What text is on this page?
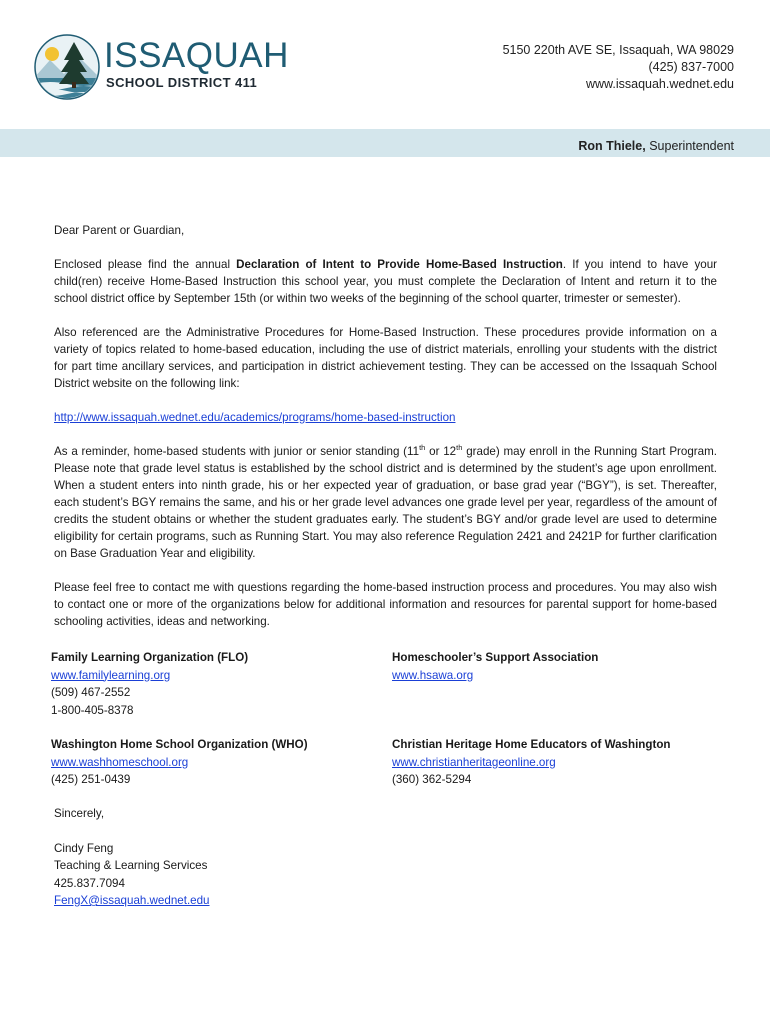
ISSAQUAH
SCHOOL DISTRICT 411
5150 220th AVE SE, Issaquah, WA 98029
(425) 837-7000
www.issaquah.wednet.edu
Ron Thiele, Superintendent

Dear Parent or Guardian,

Enclosed please find the annual Declaration of Intent to Provide Home-Based Instruction. If you intend to have your child(ren) receive Home-Based Instruction this school year, you must complete the Declaration of Intent and return it to the school district office by September 15th (or within two weeks of the beginning of the school quarter, trimester or semester).

Also referenced are the Administrative Procedures for Home-Based Instruction. These procedures provide information on a variety of topics related to home-based education, including the use of district materials, enrolling your students with the district for part time ancillary services, and participation in district achievement testing. They can be accessed on the Issaquah School District website on the following link:

http://www.issaquah.wednet.edu/academics/programs/home-based-instruction

As a reminder, home-based students with junior or senior standing (11th or 12th grade) may enroll in the Running Start Program. Please note that grade level status is established by the school district and is determined by the student’s age upon enrollment. When a student enters into ninth grade, his or her expected year of graduation, or base grad year (“BGY”), is set. Thereafter, each student’s BGY remains the same, and his or her grade level advances one grade level per year, regardless of the amount of credits the student obtains or whether the student graduates early. The student’s BGY and/or grade level are used to determine eligibility for certain programs, such as Running Start. You may also reference Regulation 2421 and 2421P for further clarification on Base Graduation Year and eligibility.

Please feel free to contact me with questions regarding the home-based instruction process and procedures. You may also wish to contact one or more of the organizations below for additional information and resources for parental support for home-based schooling activities, ideas and networking.

Family Learning Organization (FLO)
www.familylearning.org
(509) 467-2552
1-800-405-8378
Homeschooler’s Support Association
www.hsawa.org
Washington Home School Organization (WHO)
www.washhomeschool.org
(425) 251-0439
Christian Heritage Home Educators of Washington
www.christianheritageonline.org
(360) 362-5294
Sincerely,
Cindy Feng
Teaching & Learning Services
425.837.7094
FengX@issaquah.wednet.edu
